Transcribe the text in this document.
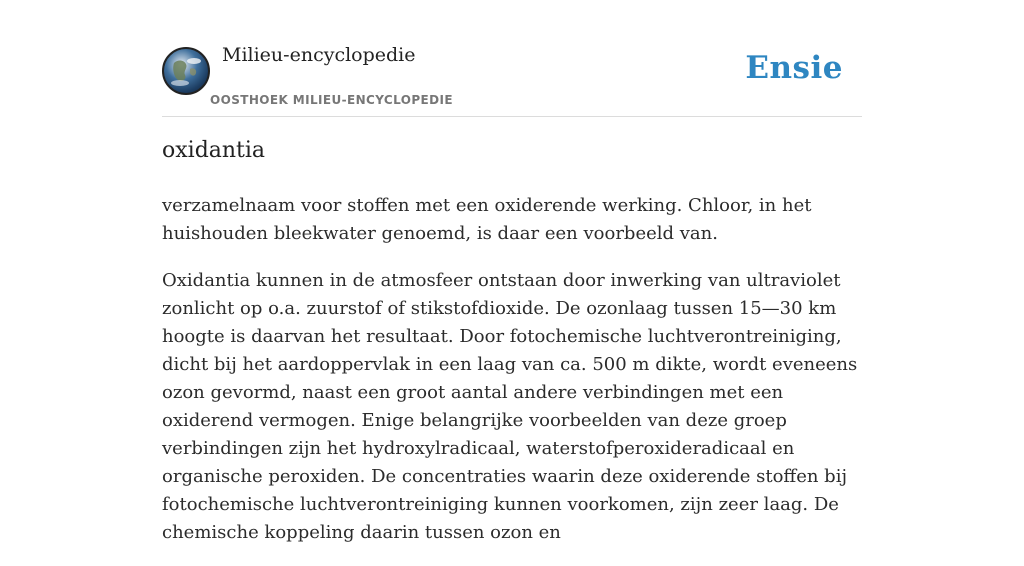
Milieu-encyclopedie
OOSTHOEK MILIEU-ENCYCLOPEDIE
Ensie
oxidantia

verzamelnaam voor stoffen met een oxiderende werking. Chloor, in het huishouden bleekwater genoemd, is daar een voorbeeld van.

Oxidantia kunnen in de atmosfeer ontstaan door inwerking van ultraviolet zonlicht op o.a. zuurstof of stikstofdioxide. De ozonlaag tussen 15—30 km hoogte is daarvan het resultaat. Door fotochemische luchtverontreiniging, dicht bij het aardoppervlak in een laag van ca. 500 m dikte, wordt eveneens ozon gevormd, naast een groot aantal andere verbindingen met een oxiderend vermogen. Enige belangrijke voorbeelden van deze groep verbindingen zijn het hydroxylradicaal, waterstofperoxideradicaal en organische peroxiden. De concentraties waarin deze oxiderende stoffen bij fotochemische luchtverontreiniging kunnen voorkomen, zijn zeer laag. De chemische koppeling daarin tussen ozon en
